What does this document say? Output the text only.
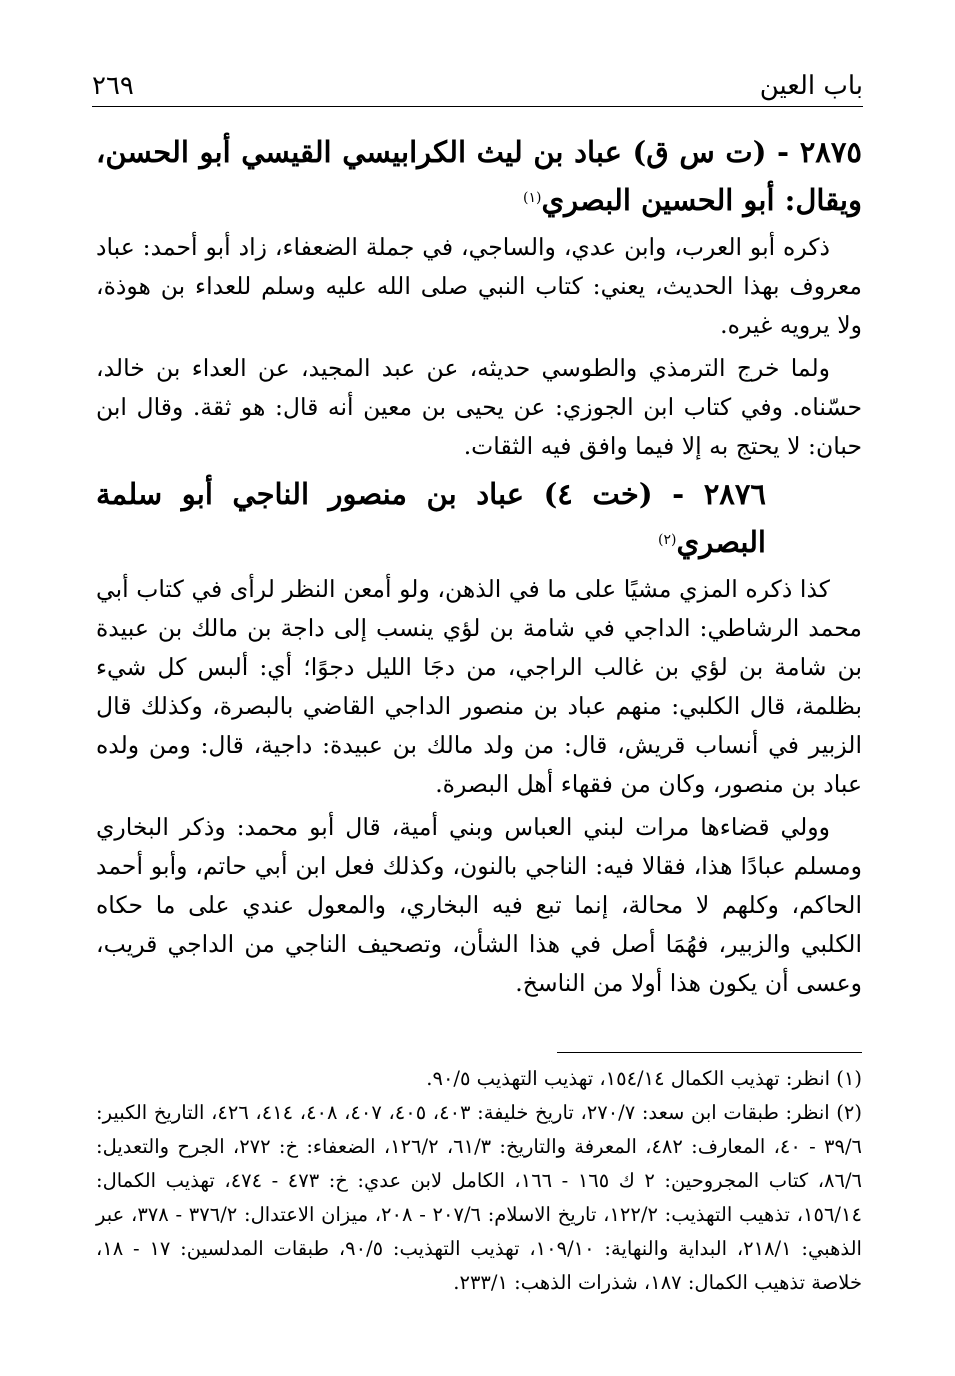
٢٦٩	باب العين
٢٨٧٥ - (ت س ق) عباد بن ليث الكرابيسي القيسي أبو الحسن، ويقال: أبو الحسين البصري$^{(١)}$

ذكره أبو العرب، وابن عدي، والساجي، في جملة الضعفاء، زاد أبو أحمد: عباد معروف بهذا الحديث، يعني: كتاب النبي صلى الله عليه وسلم للعداء بن هوذة، ولا يرويه غيره.

ولما خرج الترمذي والطوسي حديثه، عن عبد المجيد، عن العداء بن خالد، حسّناه. وفي كتاب ابن الجوزي: عن يحيى بن معين أنه قال: هو ثقة. وقال ابن حبان: لا يحتج به إلا فيما وافق فيه الثقات.

٢٨٧٦ - (خت ٤) عباد بن منصور الناجي أبو سلمة البصري$^{(٢)}$

كذا ذكره المزي مشيًا على ما في الذهن، ولو أمعن النظر لرأى في كتاب أبي محمد الرشاطي: الداجي في شامة بن لؤي ينسب إلى داجة بن مالك بن عبيدة بن شامة بن لؤي بن غالب الراجي، من دجَا الليل دجوًا؛ أي: ألبس كل شيء بظلمة، قال الكلبي: منهم عباد بن منصور الداجي القاضي بالبصرة، وكذلك قال الزبير في أنساب قريش، قال: من ولد مالك بن عبيدة: داجية، قال: ومن ولده عباد بن منصور، وكان من فقهاء أهل البصرة.

وولي قضاءها مرات لبني العباس وبني أمية، قال أبو محمد: وذكر البخاري ومسلم عبادًا هذا، فقالا فيه: الناجي بالنون، وكذلك فعل ابن أبي حاتم، وأبو أحمد الحاكم، وكلهم لا محالة، إنما تبع فيه البخاري، والمعول عندي على ما حكاه الكلبي والزبير، فهُمَا أصل في هذا الشأن، وتصحيف الناجي من الداجي قريب، وعسى أن يكون هذا أولا من الناسخ.

(١) انظر: تهذيب الكمال ١٥٤/١٤، تهذيب التهذيب ٩٠/٥.

(٢) انظر: طبقات ابن سعد: ٢٧٠/٧، تاريخ خليفة: ٤٠٣، ٤٠٥، ٤٠٧، ٤٠٨، ٤١٤، ٤٢٦، التاريخ الكبير: ٣٩/٦ - ٤٠، المعارف: ٤٨٢، المعرفة والتاريخ: ٦١/٣، ١٢٦/٢، الضعفاء: خ: ٢٧٢، الجرح والتعديل: ٨٦/٦، كتاب المجروحين: ٢ ك ١٦٥ - ١٦٦، الكامل لابن عدي: خ: ٤٧٣ - ٤٧٤، تهذيب الكمال: ١٥٦/١٤، تذهيب التهذيب: ١٢٢/٢، تاريخ الاسلام: ٢٠٧/٦ - ٢٠٨، ميزان الاعتدال: ٣٧٦/٢ - ٣٧٨، عبر الذهبي: ٢١٨/١، البداية والنهاية: ١٠٩/١٠، تهذيب التهذيب: ٩٠/٥، طبقات المدلسين: ١٧ - ١٨، خلاصة تذهيب الكمال: ١٨٧، شذرات الذهب: ٢٣٣/١.
